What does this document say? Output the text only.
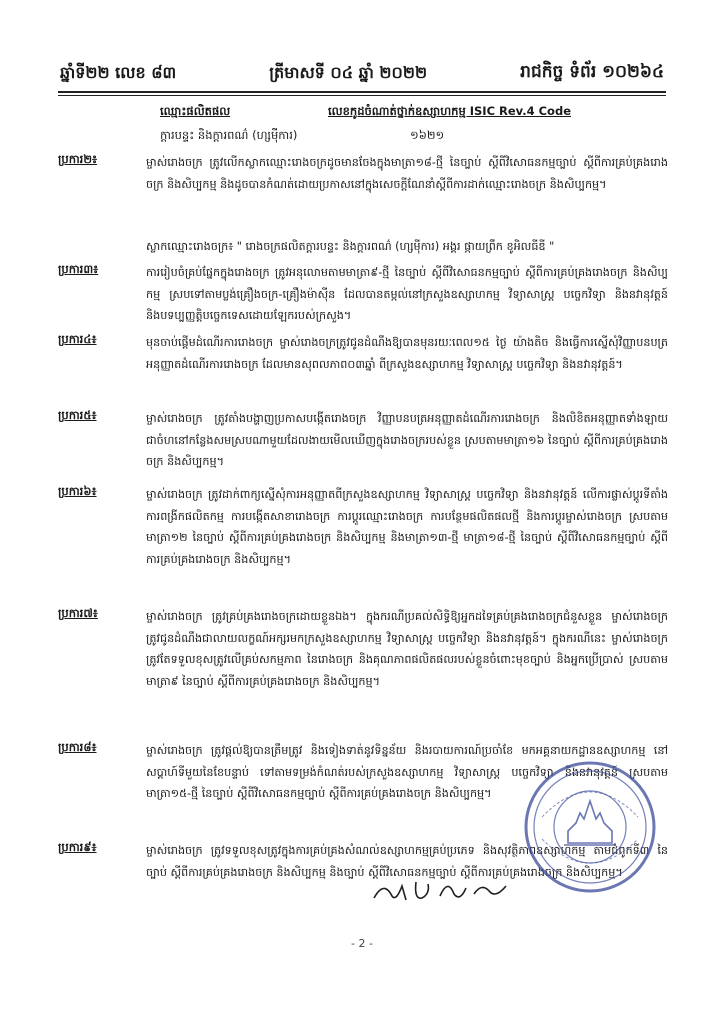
ឆ្នាំទី២២ លេខ ៨៣	ត្រីមាសទី ០៤ ឆ្នាំ ២០២២	រាជកិច្ច ទំព័រ ១០២៦៤
ឈ្មោះផលិតផល	លេខកូដចំណាត់ថ្នាក់ឧស្សាហកម្ម ISIC Rev.4 Code
ក្តារបន្ទះ និងក្តារពណ៌ (ហ្សម៉ីការ)	១៦២១
ប្រការ២៖	ម្ចាស់រោងចក្រ ត្រូវលើកស្លាកឈ្មោះរោងចក្រដូចមានចែងក្នុងមាត្រា១៨-ថ្មី នៃច្បាប់ ស្តីពីវិសោធនកម្មច្បាប់ ស្តីពីការគ្រប់គ្រងរោងចក្រ និងសិប្បកម្ម និងដូចបានកំណត់ដោយប្រកាសនៅក្នុងសេចក្តីណែនាំស្តីពីការដាក់ឈ្មោះរោងចក្រ និងសិប្បកម្ម។
ស្លាកឈ្មោះរោងចក្រ៖ " រោងចក្រផលិតក្តារបន្ទះ និងក្តារពណ៌ (ហ្សម៉ីការ) អង្គរ ផ្កាយព្រឹក ខូអិលធីឌី "
ប្រការ៣៖	ការរៀបចំគ្រប់ផ្នែកក្នុងរោងចក្រ ត្រូវអនុលោមតាមមាត្រា៩-ថ្មី នៃច្បាប់ ស្តីពីវិសោធនកម្មច្បាប់ ស្តីពីការគ្រប់គ្រងរោងចក្រ និងសិប្បកម្ម ស្របទៅតាមប្លង់គ្រឿងចក្រ-គ្រឿងម៉ាស៊ីន ដែលបានតម្កល់នៅក្រសួងឧស្សាហកម្ម វិទ្យាសាស្ត្រ បច្ចេកវិទ្យា និងនវានុវត្តន៍ និងបទប្បញ្ញត្តិបច្ចេកទេសដោយឡែករបស់ក្រសួង។
ប្រការ៤៖	មុនចាប់ផ្តើមដំណើរការរោងចក្រ ម្ចាស់រោងចក្រត្រូវជូនដំណឹងឱ្យបានមុនរយៈពេល១៥ ថ្ងៃ យ៉ាងតិច និងធ្វើការស្នើសុំវិញ្ញាបនបត្រអនុញ្ញាតដំណើរការរោងចក្រ ដែលមានសុពលភាព០៣ឆ្នាំ ពីក្រសួងឧស្សាហកម្ម វិទ្យាសាស្ត្រ បច្ចេកវិទ្យា និងនវានុវត្តន៍។
ប្រការ៥៖	ម្ចាស់រោងចក្រ ត្រូវតាំងបង្ហាញប្រកាសបង្កើតរោងចក្រ វិញ្ញាបនបត្រអនុញ្ញាតដំណើរការរោងចក្រ និងលិខិតអនុញ្ញាតទាំងឡាយ ជាចំហនៅកន្លែងសមស្របណាមួយដែលងាយមើលឃើញក្នុងរោងចក្ររបស់ខ្លួន ស្របតាមមាត្រា១៦ នៃច្បាប់ ស្តីពីការគ្រប់គ្រងរោងចក្រ និងសិប្បកម្ម។
ប្រការ៦៖	ម្ចាស់រោងចក្រ ត្រូវដាក់ពាក្យស្នើសុំការអនុញ្ញាតពីក្រសួងឧស្សាហកម្ម វិទ្យាសាស្ត្រ បច្ចេកវិទ្យា និងនវានុវត្តន៍ លើការផ្លាស់ប្តូរទីតាំង ការពង្រីកផលិតកម្ម ការបង្កើតសាខារោងចក្រ ការប្តូរឈ្មោះរោងចក្រ ការបន្ថែមផលិតផលថ្មី និងការប្តូរម្ចាស់រោងចក្រ ស្របតាមមាត្រា១២ នៃច្បាប់ ស្តីពីការគ្រប់គ្រងរោងចក្រ និងសិប្បកម្ម និងមាត្រា១៣-ថ្មី មាត្រា១៨-ថ្មី នៃច្បាប់ ស្តីពីវិសោធនកម្មច្បាប់ ស្តីពីការគ្រប់គ្រងរោងចក្រ និងសិប្បកម្ម។
ប្រការ៧៖	ម្ចាស់រោងចក្រ ត្រូវគ្រប់គ្រងរោងចក្រដោយខ្លួនឯង។ ក្នុងករណីប្រគល់សិទ្ធិឱ្យអ្នកដទៃគ្រប់គ្រងរោងចក្រជំនួសខ្លួន ម្ចាស់រោងចក្រត្រូវជូនដំណឹងជាលាយលក្ខណ៍អក្សរមកក្រសួងឧស្សាហកម្ម វិទ្យាសាស្ត្រ បច្ចេកវិទ្យា និងនវានុវត្តន៍។ ក្នុងករណីនេះ ម្ចាស់រោងចក្រត្រូវតែទទួលខុសត្រូវលើគ្រប់សកម្មភាព នៃរោងចក្រ និងគុណភាពផលិតផលរបស់ខ្លួនចំពោះមុខច្បាប់ និងអ្នកប្រើប្រាស់ ស្របតាមមាត្រា៩ នៃច្បាប់ ស្តីពីការគ្រប់គ្រងរោងចក្រ និងសិប្បកម្ម។
ប្រការ៨៖	ម្ចាស់រោងចក្រ ត្រូវផ្តល់ឱ្យបានត្រឹមត្រូវ និងទៀងទាត់នូវទិន្នន័យ និងរបាយការណ៍ប្រចាំខែ មកអគ្គនាយកដ្ឋានឧស្សាហកម្ម នៅសប្តាហ៍ទីមួយនៃខែបន្ទាប់ ទៅតាមទម្រង់កំណត់របស់ក្រសួងឧស្សាហកម្ម វិទ្យាសាស្ត្រ បច្ចេកវិទ្យា និងនវានុវត្តន៍ ស្របតាមមាត្រា១៥-ថ្មី នៃច្បាប់ ស្តីពីវិសោធនកម្មច្បាប់ ស្តីពីការគ្រប់គ្រងរោងចក្រ និងសិប្បកម្ម។
ប្រការ៩៖	ម្ចាស់រោងចក្រ ត្រូវទទួលខុសត្រូវក្នុងការគ្រប់គ្រងសំណល់ឧស្សាហកម្មគ្រប់ប្រភេទ និងសុវត្ថិភាពឧស្សាហកម្ម តាមជំពូកទី៣ នៃច្បាប់ ស្តីពីការគ្រប់គ្រងរោងចក្រ និងសិប្បកម្ម និងច្បាប់ ស្តីពីវិសោធនកម្មច្បាប់ ស្តីពីការគ្រប់គ្រងរោងចក្រ និងសិប្បកម្ម។
- 2 -
